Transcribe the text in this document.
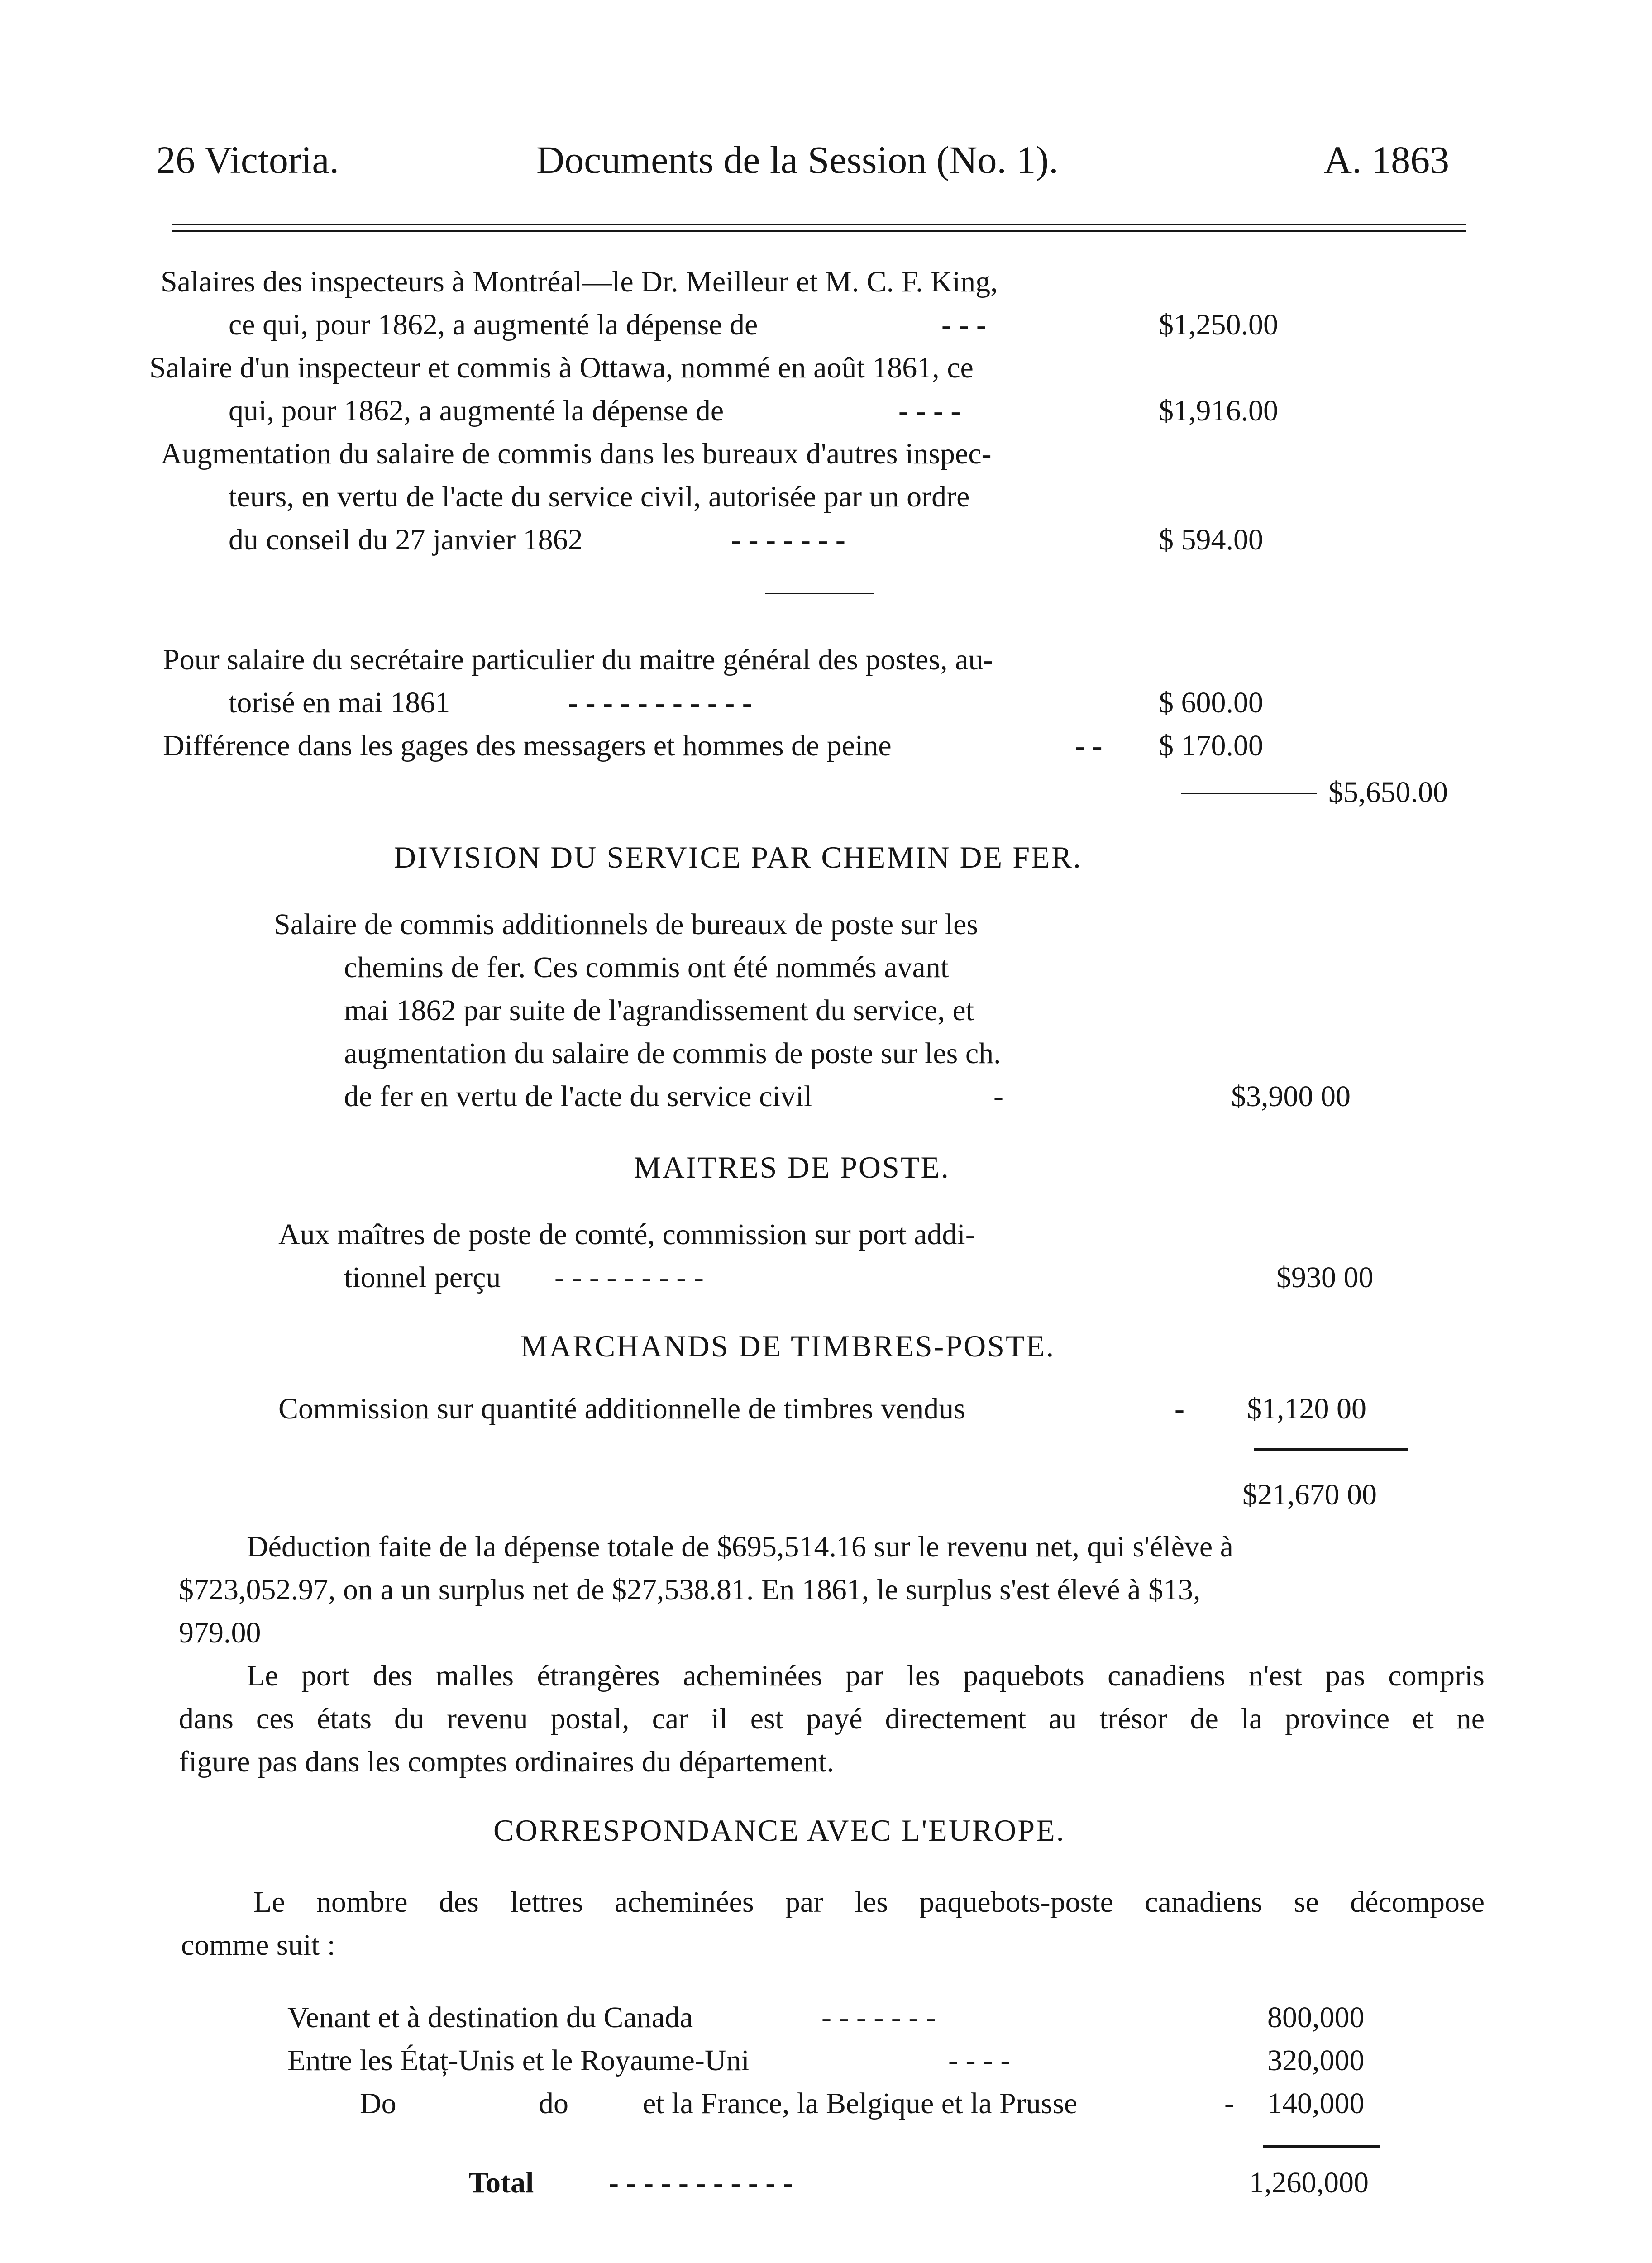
26 Victoria.	Documents de la Session (No. 1).	A. 1863
Salaires des inspecteurs à Montréal—le Dr. Meilleur et M. C. F. King,
ce qui, pour 1862, a augmenté la dépense de	- - -	$1,250.00
Salaire d'un inspecteur et commis à Ottawa, nommé en août 1861, ce
qui, pour 1862, a augmenté la dépense de	- - - -	$1,916.00
Augmentation du salaire de commis dans les bureaux d'autres inspec-
teurs, en vertu de l'acte du service civil, autorisée par un ordre
du conseil du 27 janvier 1862	- - - - - - -	$ 594.00
Pour salaire du secrétaire particulier du maitre général des postes, au-
torisé en mai 1861	- - - - - - - - - - -	$ 600.00
Différence dans les gages des messagers et hommes de peine	- - $ 170.00
$5,650.00
DIVISION DU SERVICE PAR CHEMIN DE FER.
Salaire de commis additionnels de bureaux de poste sur les
chemins de fer. Ces commis ont été nommés avant
mai 1862 par suite de l'agrandissement du service, et
augmentation du salaire de commis de poste sur les ch.
de fer en vertu de l'acte du service civil	-	$3,900 00
MAITRES DE POSTE.
Aux maîtres de poste de comté, commission sur port addi-
tionnel perçu - - - - - - - - -	$930 00
MARCHANDS DE TIMBRES-POSTE.
Commission sur quantité additionnelle de timbres vendus	- $1,120 00
$21,670 00
Déduction faite de la dépense totale de $695,514.16 sur le revenu net, qui s'élève à
$723,052.97, on a un surplus net de $27,538.81. En 1861, le surplus s'est élevé à $13,
979.00
Le port des malles étrangères acheminées par les paquebots canadiens n'est pas compris
dans ces états du revenu postal, car il est payé directement au trésor de la province et ne
figure pas dans les comptes ordinaires du département.
CORRESPONDANCE AVEC L'EUROPE.
Le nombre des lettres acheminées par les paquebots-poste canadiens se décompose
comme suit :
Venant et à destination du Canada	- - - - - - -	800,000
Entre les Étaț-Unis et le Royaume-Uni	- - - -	320,000
Do	do et la France, la Belgique et la Prusse	- 140,000
Total	- - - - - - - - - - -	1,260,000
